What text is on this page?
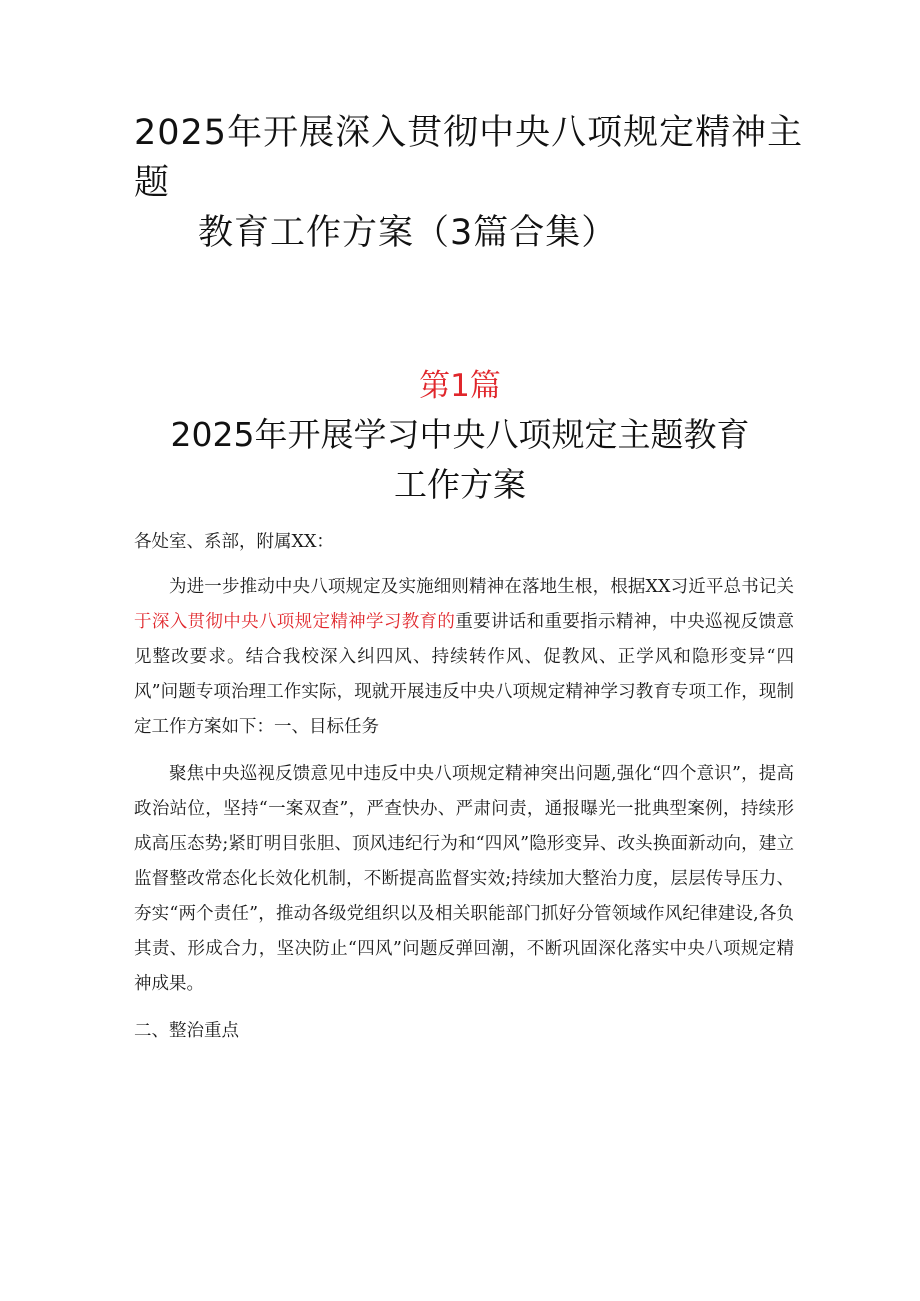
2025年开展深入贯彻中央八项规定精神主题
教育工作方案（3篇合集）
第1篇
2025年开展学习中央八项规定主题教育
工作方案

各处室、系部，附属XX：

为进一步推动中央八项规定及实施细则精神在落地生根，根据XX习近平总书记关于深入贯彻中央八项规定精神学习教育的重要讲话和重要指示精神，中央巡视反馈意见整改要求。结合我校深入纠四风、持续转作风、促教风、正学风和隐形变异“四风”问题专项治理工作实际，现就开展违反中央八项规定精神学习教育专项工作，现制定工作方案如下：一、目标任务

聚焦中央巡视反馈意见中违反中央八项规定精神突出问题,强化“四个意识”，提高政治站位，坚持“一案双查”，严查快办、严肃问责，通报曝光一批典型案例，持续形成高压态势;紧盯明目张胆、顶风违纪行为和“四风”隐形变异、改头换面新动向，建立监督整改常态化长效化机制，不断提高监督实效;持续加大整治力度，层层传导压力、夯实“两个责任”，推动各级党组织以及相关职能部门抓好分管领域作风纪律建设,各负其责、形成合力，坚决防止“四风”问题反弹回潮，不断巩固深化落实中央八项规定精神成果。

二、整治重点
